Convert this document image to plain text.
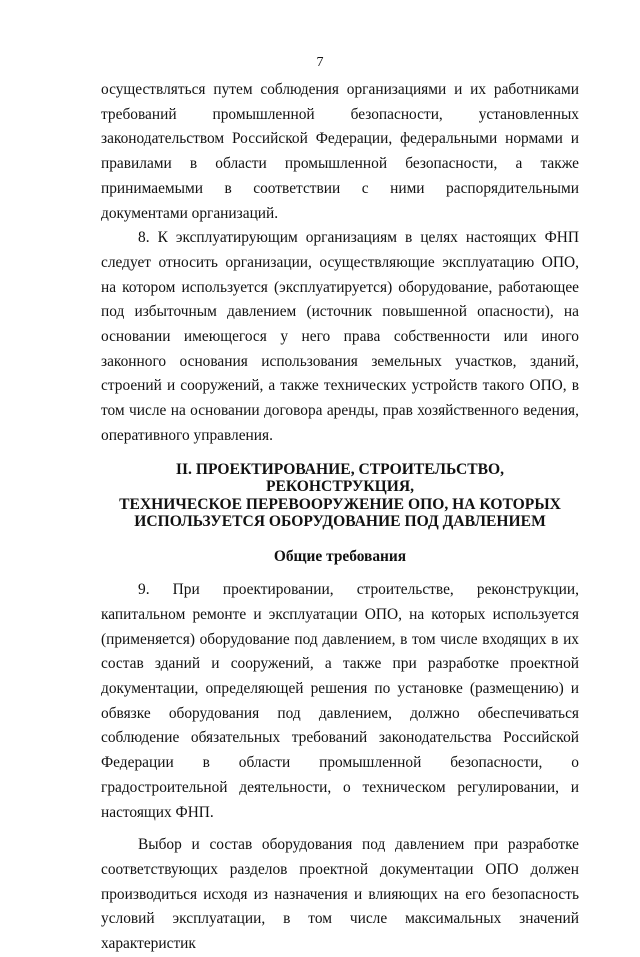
7

осуществляться путем соблюдения организациями и их работниками требований промышленной безопасности, установленных законодательством Российской Федерации, федеральными нормами и правилами в области промышленной безопасности, а также принимаемыми в соответствии с ними распорядительными документами организаций.

8. К эксплуатирующим организациям в целях настоящих ФНП следует относить организации, осуществляющие эксплуатацию ОПО, на котором используется (эксплуатируется) оборудование, работающее под избыточным давлением (источник повышенной опасности), на основании имеющегося у него права собственности или иного законного основания использования земельных участков, зданий, строений и сооружений, а также технических устройств такого ОПО, в том числе на основании договора аренды, прав хозяйственного ведения, оперативного управления.

II. ПРОЕКТИРОВАНИЕ, СТРОИТЕЛЬСТВО, РЕКОНСТРУКЦИЯ,
ТЕХНИЧЕСКОЕ ПЕРЕВООРУЖЕНИЕ ОПО, НА КОТОРЫХ
ИСПОЛЬЗУЕТСЯ ОБОРУДОВАНИЕ ПОД ДАВЛЕНИЕМ

Общие требования

9. При проектировании, строительстве, реконструкции, капитальном ремонте и эксплуатации ОПО, на которых используется (применяется) оборудование под давлением, в том числе входящих в их состав зданий и сооружений, а также при разработке проектной документации, определяющей решения по установке (размещению) и обвязке оборудования под давлением, должно обеспечиваться соблюдение обязательных требований законодательства Российской Федерации в области промышленной безопасности, о градостроительной деятельности, о техническом регулировании, и настоящих ФНП.

Выбор и состав оборудования под давлением при разработке соответствующих разделов проектной документации ОПО должен производиться исходя из назначения и влияющих на его безопасность условий эксплуатации, в том числе максимальных значений характеристик
